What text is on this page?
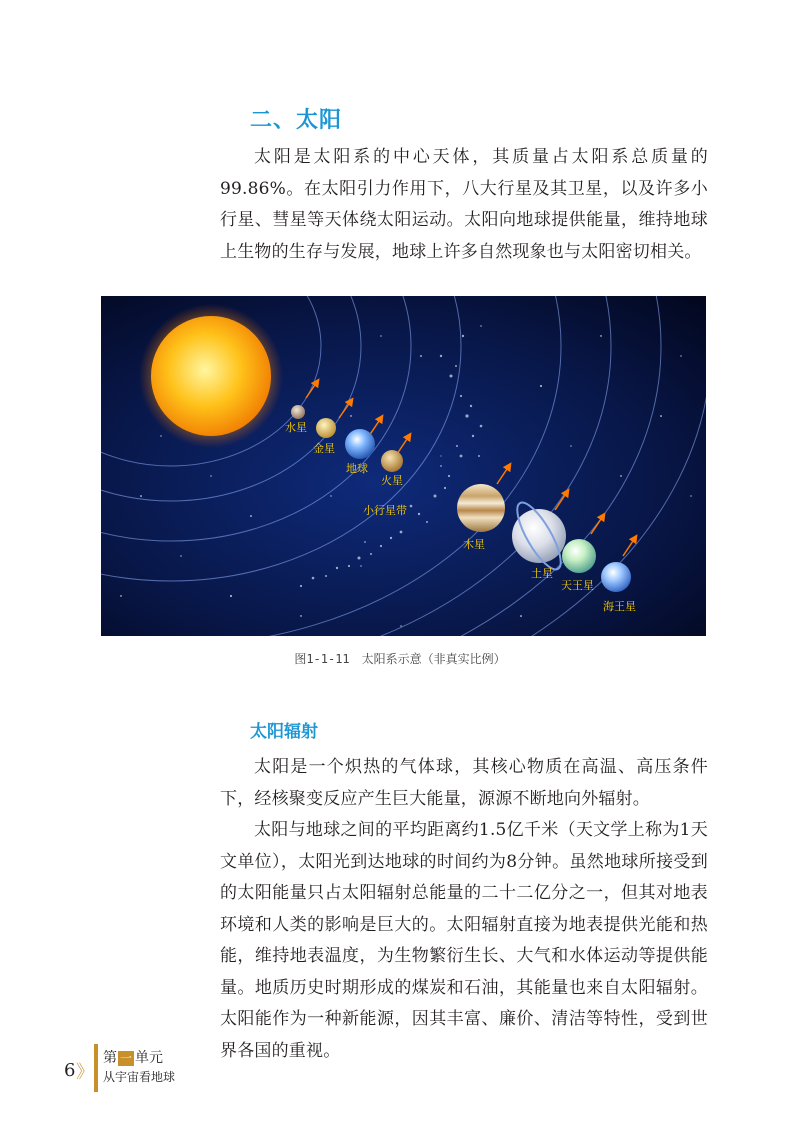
二、太阳

太阳是太阳系的中心天体，其质量占太阳系总质量的99.86%。在太阳引力作用下，八大行星及其卫星，以及许多小行星、彗星等天体绕太阳运动。太阳向地球提供能量，维持地球上生物的生存与发展，地球上许多自然现象也与太阳密切相关。

水星
金星
地球
火星
小行星带
木星
土星
天王星
海王星
图1-1-11　太阳系示意（非真实比例）
太阳辐射

太阳是一个炽热的气体球，其核心物质在高温、高压条件下，经核聚变反应产生巨大能量，源源不断地向外辐射。

太阳与地球之间的平均距离约1.5亿千米（天文学上称为1天文单位），太阳光到达地球的时间约为8分钟。虽然地球所接受到的太阳能量只占太阳辐射总能量的二十二亿分之一，但其对地表环境和人类的影响是巨大的。太阳辐射直接为地表提供光能和热能，维持地表温度，为生物繁衍生长、大气和水体运动等提供能量。地质历史时期形成的煤炭和石油，其能量也来自太阳辐射。太阳能作为一种新能源，因其丰富、廉价、清洁等特性，受到世界各国的重视。

6 》
第 一 单元
从宇宙看地球
